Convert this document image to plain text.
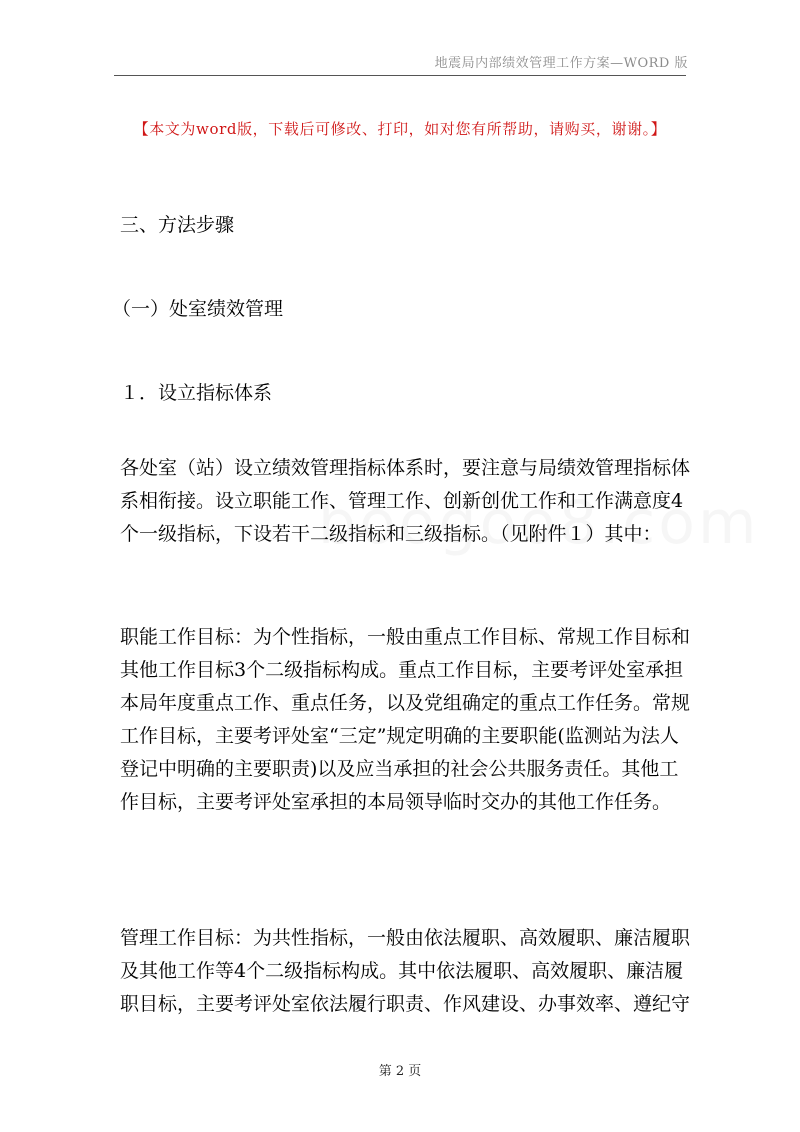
地震局内部绩效管理工作方案—WORD 版
【本文为word版，下载后可修改、打印，如对您有所帮助，请购买，谢谢。】
三、方法步骤
（一）处室绩效管理
１．设立指标体系
各处室（站）设立绩效管理指标体系时，要注意与局绩效管理指标体系相衔接。设立职能工作、管理工作、创新创优工作和工作满意度4个一级指标，下设若干二级指标和三级指标。（见附件１）其中：
职能工作目标：为个性指标，一般由重点工作目标、常规工作目标和其他工作目标3个二级指标构成。重点工作目标，主要考评处室承担本局年度重点工作、重点任务，以及党组确定的重点工作任务。常规工作目标，主要考评处室“三定”规定明确的主要职能(监测站为法人登记中明确的主要职责)以及应当承担的社会公共服务责任。其他工作目标，主要考评处室承担的本局领导临时交办的其他工作任务。
管理工作目标：为共性指标，一般由依法履职、高效履职、廉洁履职及其他工作等4个二级指标构成。其中依法履职、高效履职、廉洁履职目标，主要考评处室依法履行职责、作风建设、办事效率、遵纪守
第 2 页
